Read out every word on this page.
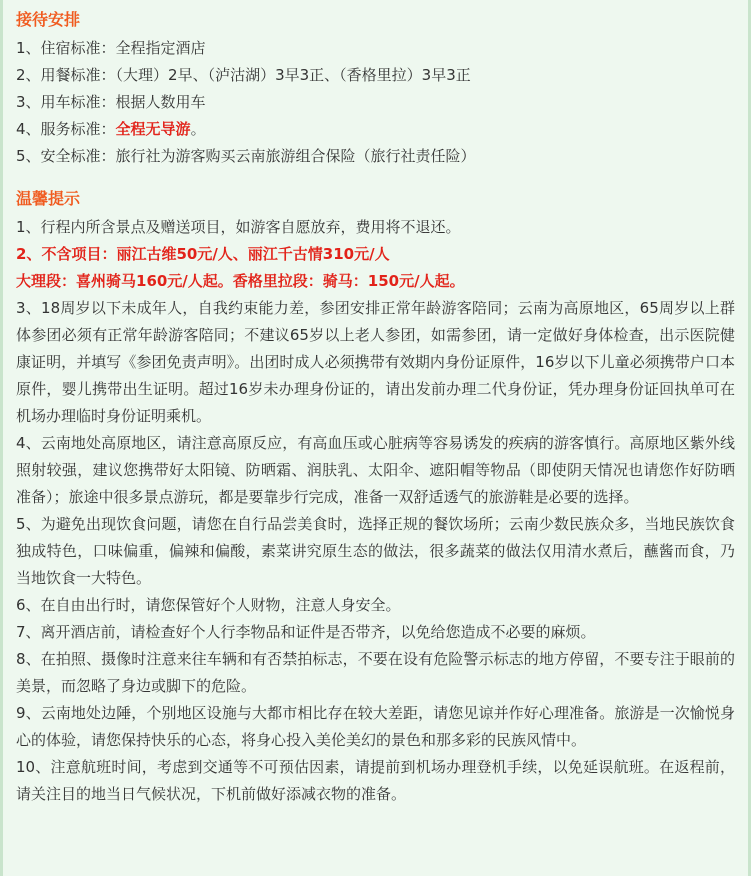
接待安排
1、住宿标准：全程指定酒店
2、用餐标准：（大理）2早、（泸沽湖）3早3正、（香格里拉）3早3正
3、用车标准：根据人数用车
4、服务标准：全程无导游。
5、安全标准：旅行社为游客购买云南旅游组合保险（旅行社责任险）
温馨提示
1、行程内所含景点及赠送项目，如游客自愿放弃，费用将不退还。
2、不含项目：丽江古维50元/人、丽江千古情310元/人
大理段：喜州骑马160元/人起。香格里拉段：骑马：150元/人起。
3、18周岁以下未成年人，自我约束能力差，参团安排正常年龄游客陪同；云南为高原地区，65周岁以上群体参团必须有正常年龄游客陪同；不建议65岁以上老人参团，如需参团，请一定做好身体检查，出示医院健康证明，并填写《参团免责声明》。出团时成人必须携带有效期内身份证原件，16岁以下儿童必须携带户口本原件，婴儿携带出生证明。超过16岁未办理身份证的，请出发前办理二代身份证，凭办理身份证回执单可在机场办理临时身份证明乘机。
4、云南地处高原地区，请注意高原反应，有高血压或心脏病等容易诱发的疾病的游客慎行。高原地区紫外线照射较强，建议您携带好太阳镜、防晒霜、润肤乳、太阳伞、遮阳帽等物品（即使阴天情况也请您作好防晒准备）；旅途中很多景点游玩，都是要靠步行完成，准备一双舒适透气的旅游鞋是必要的选择。
5、为避免出现饮食问题，请您在自行品尝美食时，选择正规的餐饮场所；云南少数民族众多，当地民族饮食独成特色，口味偏重，偏辣和偏酸，素菜讲究原生态的做法，很多蔬菜的做法仅用清水煮后，蘸酱而食，乃当地饮食一大特色。
6、在自由出行时，请您保管好个人财物，注意人身安全。
7、离开酒店前，请检查好个人行李物品和证件是否带齐，以免给您造成不必要的麻烦。
8、在拍照、摄像时注意来往车辆和有否禁拍标志，不要在设有危险警示标志的地方停留，不要专注于眼前的美景，而忽略了身边或脚下的危险。
9、云南地处边陲，个别地区设施与大都市相比存在较大差距，请您见谅并作好心理准备。旅游是一次愉悦身心的体验，请您保持快乐的心态，将身心投入美伦美幻的景色和那多彩的民族风情中。
10、注意航班时间，考虑到交通等不可预估因素，请提前到机场办理登机手续，以免延误航班。在返程前，请关注目的地当日气候状况，下机前做好添减衣物的准备。
